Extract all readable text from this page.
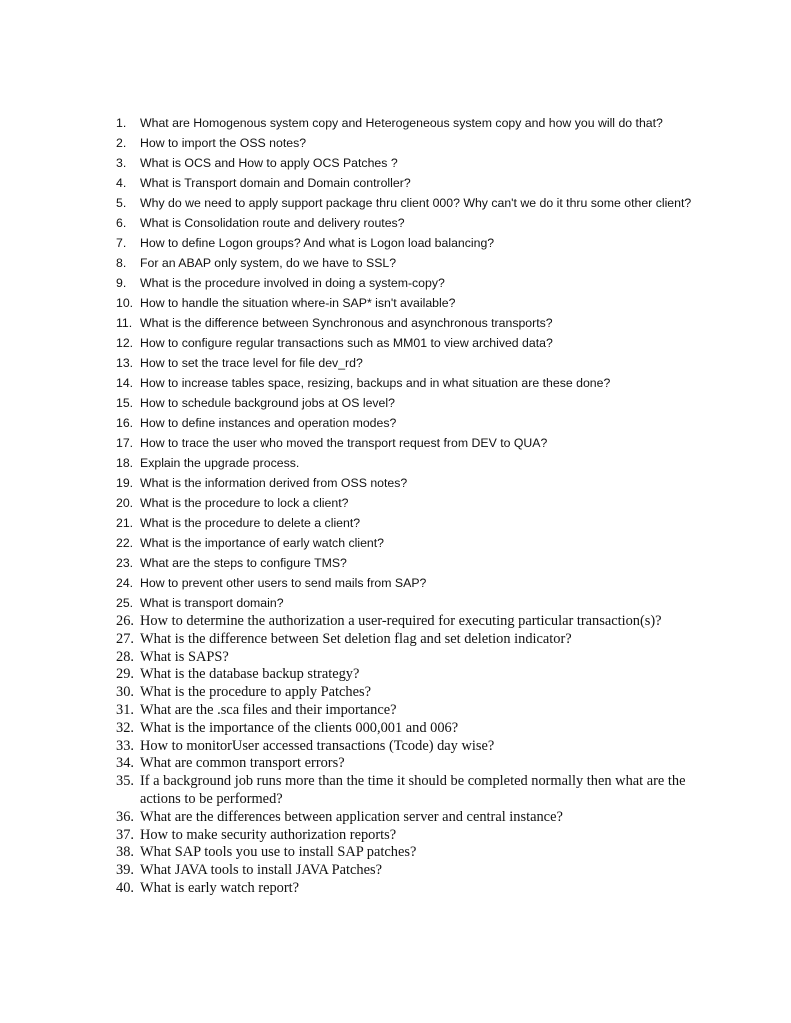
1.	What are Homogenous system copy and Heterogeneous system copy and how you will do that?
2.	How to import the OSS notes?
3.	What is OCS and How to apply OCS Patches ?
4.	What is Transport domain and Domain controller?
5.	Why do we need to apply support package thru client 000? Why can't we do it thru some other client?
6.	What is Consolidation route and delivery routes?
7.	How to define Logon groups? And what is Logon load balancing?
8.	For an ABAP only system, do we have to SSL?
9.	What is the procedure involved in doing a system-copy?
10. How to handle the situation where-in SAP* isn't available?
11. What is the difference between Synchronous and asynchronous transports?
12. How to configure regular transactions such as MM01 to view archived data?
13. How to set the trace level for file dev_rd?
14. How to increase tables space, resizing, backups and in what situation are these done?
15. How to schedule background jobs at OS level?
16. How to define instances and operation modes?
17. How to trace the user who moved the transport request from DEV to QUA?
18. Explain the upgrade process.
19. What is the information derived from OSS notes?
20. What is the procedure to lock a client?
21. What is the procedure to delete a client?
22. What is the importance of early watch client?
23. What are the steps to configure TMS?
24. How to prevent other users to send mails from SAP?
25. What is transport domain?
26. How to determine the authorization a user-required for executing particular transaction(s)?
27. What is the difference between Set deletion flag and set deletion indicator?
28. What is SAPS?
29. What is the database backup strategy?
30. What is the procedure to apply Patches?
31. What are the .sca files and their importance?
32. What is the importance of the clients 000,001 and 006?
33. How to monitorUser accessed transactions (Tcode) day wise?
34. What are common transport errors?
35. If a background job runs more than the time it should be completed normally then what are the actions to be performed?
36. What are the differences between application server and central instance?
37. How to make security authorization reports?
38. What SAP tools you use to install SAP patches?
39. What JAVA tools to install JAVA Patches?
40. What is early watch report?
